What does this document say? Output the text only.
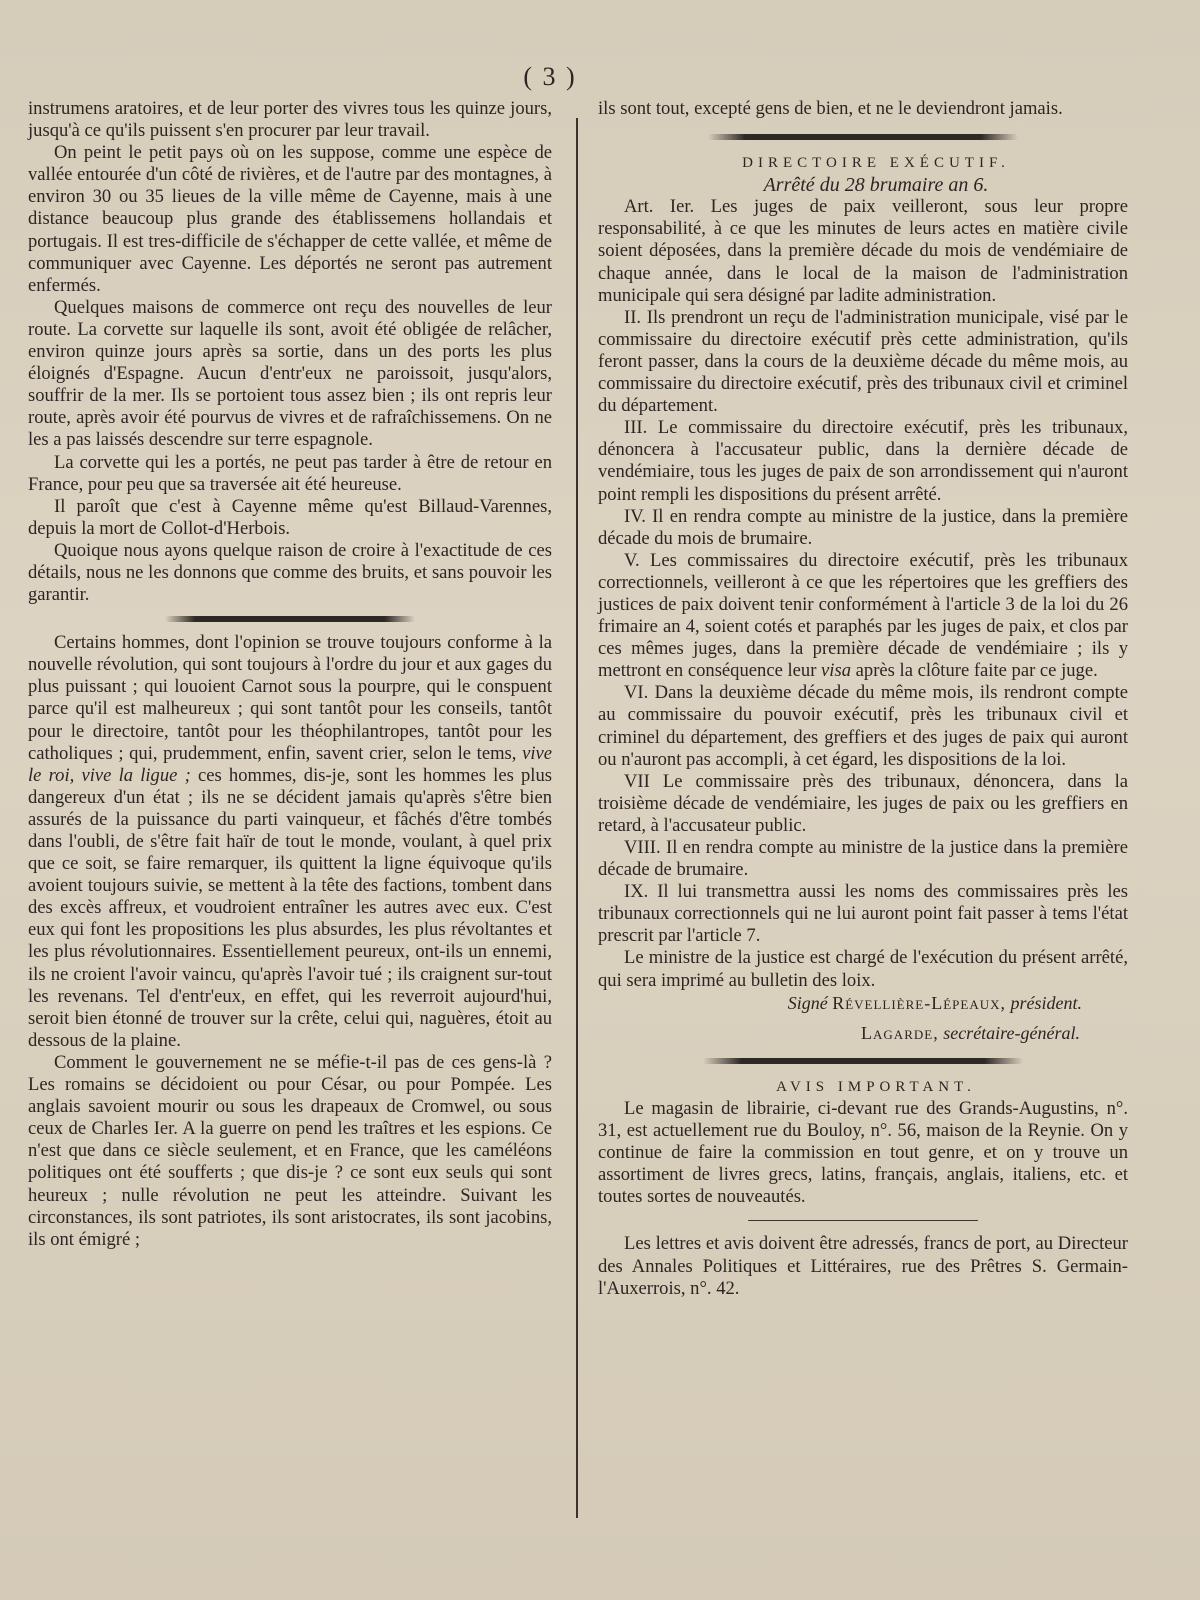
( 3 )

instrumens aratoires, et de leur porter des vivres tous les quinze jours, jusqu'à ce qu'ils puissent s'en procurer par leur travail.

On peint le petit pays où on les suppose, comme une espèce de vallée entourée d'un côté de rivières, et de l'autre par des montagnes, à environ 30 ou 35 lieues de la ville même de Cayenne, mais à une distance beaucoup plus grande des établissemens hollandais et portugais. Il est tres-difficile de s'échapper de cette vallée, et même de communiquer avec Cayenne. Les déportés ne seront pas autrement enfermés.

Quelques maisons de commerce ont reçu des nouvelles de leur route. La corvette sur laquelle ils sont, avoit été obligée de relâcher, environ quinze jours après sa sortie, dans un des ports les plus éloignés d'Espagne. Aucun d'entr'eux ne paroissoit, jusqu'alors, souffrir de la mer. Ils se portoient tous assez bien ; ils ont repris leur route, après avoir été pourvus de vivres et de rafraîchissemens. On ne les a pas laissés descendre sur terre espagnole.

La corvette qui les a portés, ne peut pas tarder à être de retour en France, pour peu que sa traversée ait été heureuse.

Il paroît que c'est à Cayenne même qu'est Billaud-Varennes, depuis la mort de Collot-d'Herbois.

Quoique nous ayons quelque raison de croire à l'exactitude de ces détails, nous ne les donnons que comme des bruits, et sans pouvoir les garantir.

Certains hommes, dont l'opinion se trouve toujours conforme à la nouvelle révolution, qui sont toujours à l'ordre du jour et aux gages du plus puissant ; qui louoient Carnot sous la pourpre, qui le conspuent parce qu'il est malheureux ; qui sont tantôt pour les conseils, tantôt pour le directoire, tantôt pour les théophilantropes, tantôt pour les catholiques ; qui, prudemment, enfin, savent crier, selon le tems, vive le roi, vive la ligue ; ces hommes, dis-je, sont les hommes les plus dangereux d'un état ; ils ne se décident jamais qu'après s'être bien assurés de la puissance du parti vainqueur, et fâchés d'être tombés dans l'oubli, de s'être fait haïr de tout le monde, voulant, à quel prix que ce soit, se faire remarquer, ils quittent la ligne équivoque qu'ils avoient toujours suivie, se mettent à la tête des factions, tombent dans des excès affreux, et voudroient entraîner les autres avec eux. C'est eux qui font les propositions les plus absurdes, les plus révoltantes et les plus révolutionnaires. Essentiellement peureux, ont-ils un ennemi, ils ne croient l'avoir vaincu, qu'après l'avoir tué ; ils craignent sur-tout les revenans. Tel d'entr'eux, en effet, qui les reverroit aujourd'hui, seroit bien étonné de trouver sur la crête, celui qui, naguères, étoit au dessous de la plaine.

Comment le gouvernement ne se méfie-t-il pas de ces gens-là ? Les romains se décidoient ou pour César, ou pour Pompée. Les anglais savoient mourir ou sous les drapeaux de Cromwel, ou sous ceux de Charles Ier. A la guerre on pend les traîtres et les espions. Ce n'est que dans ce siècle seulement, et en France, que les caméléons politiques ont été soufferts ; que dis-je ? ce sont eux seuls qui sont heureux ; nulle révolution ne peut les atteindre. Suivant les circonstances, ils sont patriotes, ils sont aristocrates, ils sont jacobins, ils ont émigré ;

ils sont tout, excepté gens de bien, et ne le deviendront jamais.

DIRECTOIRE EXÉCUTIF.

Arrêté du 28 brumaire an 6.

Art. Ier. Les juges de paix veilleront, sous leur propre responsabilité, à ce que les minutes de leurs actes en matière civile soient déposées, dans la première décade du mois de vendémiaire de chaque année, dans le local de la maison de l'administration municipale qui sera désigné par ladite administration.

II. Ils prendront un reçu de l'administration municipale, visé par le commissaire du directoire exécutif près cette administration, qu'ils feront passer, dans la cours de la deuxième décade du même mois, au commissaire du directoire exécutif, près des tribunaux civil et criminel du département.

III. Le commissaire du directoire exécutif, près les tribunaux, dénoncera à l'accusateur public, dans la dernière décade de vendémiaire, tous les juges de paix de son arrondissement qui n'auront point rempli les dispositions du présent arrêté.

IV. Il en rendra compte au ministre de la justice, dans la première décade du mois de brumaire.

V. Les commissaires du directoire exécutif, près les tribunaux correctionnels, veilleront à ce que les répertoires que les greffiers des justices de paix doivent tenir conformément à l'article 3 de la loi du 26 frimaire an 4, soient cotés et paraphés par les juges de paix, et clos par ces mêmes juges, dans la première décade de vendémiaire ; ils y mettront en conséquence leur visa après la clôture faite par ce juge.

VI. Dans la deuxième décade du même mois, ils rendront compte au commissaire du pouvoir exécutif, près les tribunaux civil et criminel du département, des greffiers et des juges de paix qui auront ou n'auront pas accompli, à cet égard, les dispositions de la loi.

VII Le commissaire près des tribunaux, dénoncera, dans la troisième décade de vendémiaire, les juges de paix ou les greffiers en retard, à l'accusateur public.

VIII. Il en rendra compte au ministre de la justice dans la première décade de brumaire.

IX. Il lui transmettra aussi les noms des commissaires près les tribunaux correctionnels qui ne lui auront point fait passer à tems l'état prescrit par l'article 7.

Le ministre de la justice est chargé de l'exécution du présent arrêté, qui sera imprimé au bulletin des loix.

Signé Révellière-Lépeaux, président.

Lagarde, secrétaire-général.

AVIS IMPORTANT.

Le magasin de librairie, ci-devant rue des Grands-Augustins, n°. 31, est actuellement rue du Bouloy, n°. 56, maison de la Reynie. On y continue de faire la commission en tout genre, et on y trouve un assortiment de livres grecs, latins, français, anglais, italiens, etc. et toutes sortes de nouveautés.

Les lettres et avis doivent être adressés, francs de port, au Directeur des Annales Politiques et Littéraires, rue des Prêtres S. Germain-l'Auxerrois, n°. 42.
